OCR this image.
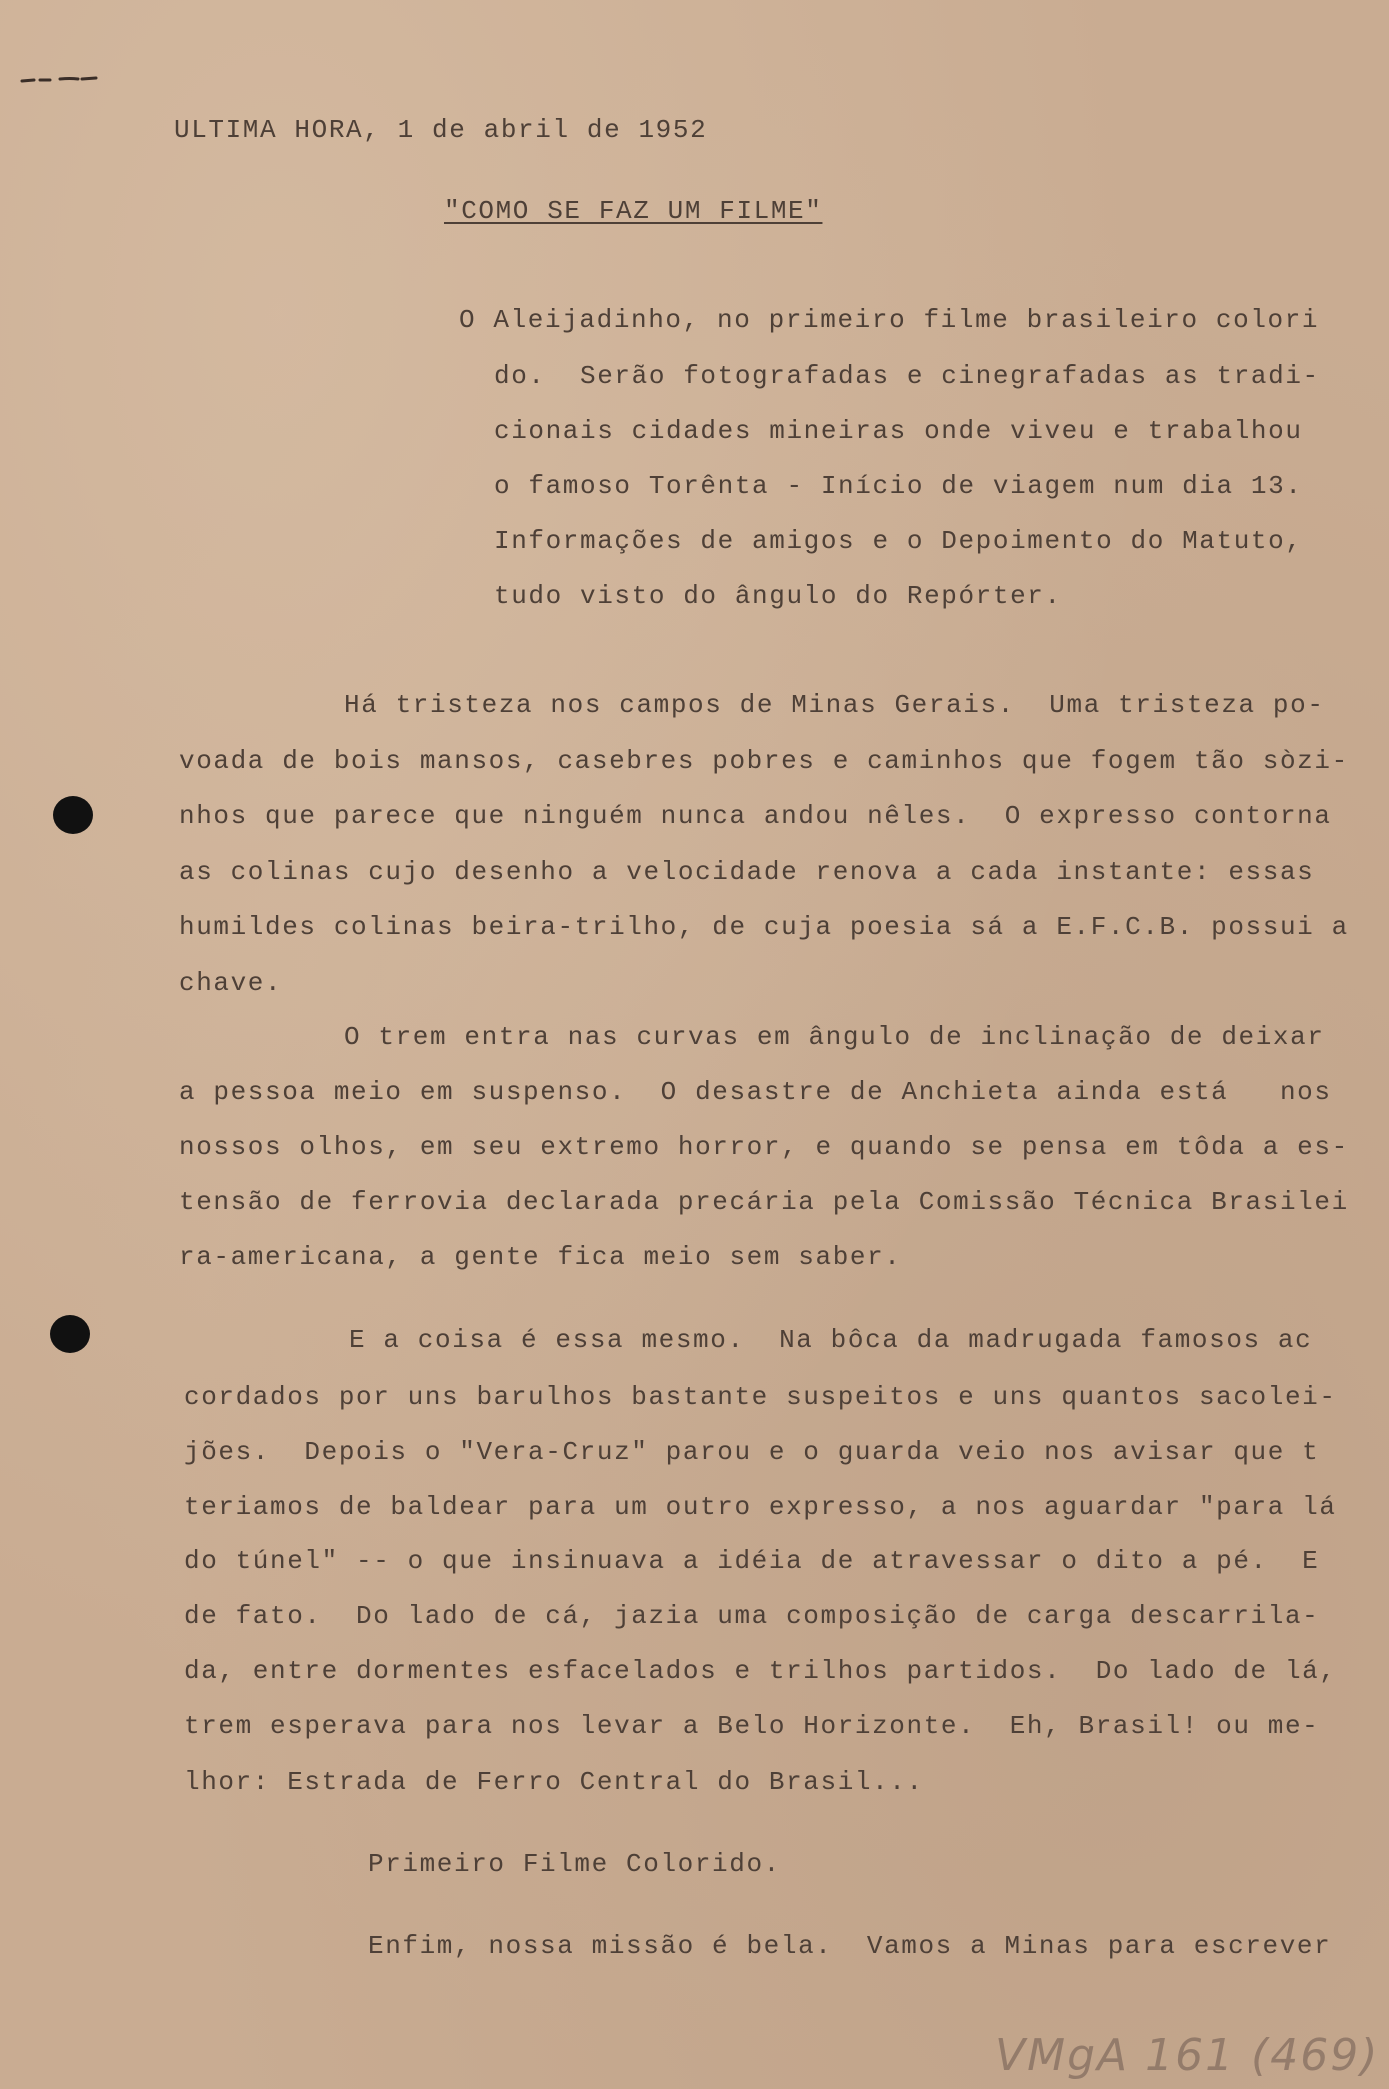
ULTIMA HORA, 1 de abril de 1952
"COMO SE FAZ UM FILME"
O Aleijadinho, no primeiro filme brasileiro colori
do.  Serão fotografadas e cinegrafadas as tradi-
cionais cidades mineiras onde viveu e trabalhou
o famoso Torênta - Início de viagem num dia 13.
Informações de amigos e o Depoimento do Matuto,
tudo visto do ângulo do Repórter.
Há tristeza nos campos de Minas Gerais.  Uma tristeza po-
voada de bois mansos, casebres pobres e caminhos que fogem tão sòzi-
nhos que parece que ninguém nunca andou nêles.  O expresso contorna
as colinas cujo desenho a velocidade renova a cada instante: essas
humildes colinas beira-trilho, de cuja poesia sá a E.F.C.B. possui a
chave.
O trem entra nas curvas em ângulo de inclinação de deixar
a pessoa meio em suspenso.  O desastre de Anchieta ainda está   nos
nossos olhos, em seu extremo horror, e quando se pensa em tôda a es-
tensão de ferrovia declarada precária pela Comissão Técnica Brasilei
ra-americana, a gente fica meio sem saber.
E a coisa é essa mesmo.  Na bôca da madrugada famosos ac
cordados por uns barulhos bastante suspeitos e uns quantos sacolei-
jões.  Depois o "Vera-Cruz" parou e o guarda veio nos avisar que t
teriamos de baldear para um outro expresso, a nos aguardar "para lá
do túnel" -- o que insinuava a idéia de atravessar o dito a pé.  E
de fato.  Do lado de cá, jazia uma composição de carga descarrila-
da, entre dormentes esfacelados e trilhos partidos.  Do lado de lá,
trem esperava para nos levar a Belo Horizonte.  Eh, Brasil! ou me-
lhor: Estrada de Ferro Central do Brasil...
Primeiro Filme Colorido.
Enfim, nossa missão é bela.  Vamos a Minas para escrever
VMgA 161 (469)
